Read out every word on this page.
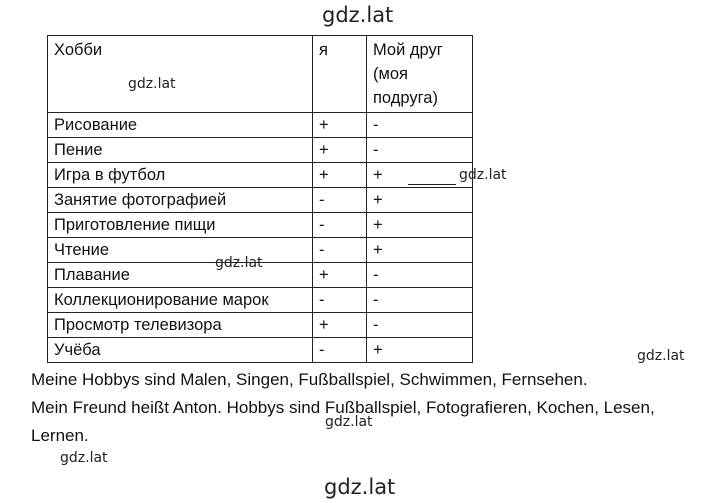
gdz.lat
Хобби	я	Мой друг (моя подруга)
Рисование	+	-
Пение	+	-
Игра в футбол	+	+
Занятие фотографией	-	+
Приготовление пищи	-	+
Чтение	-	+
Плавание	+	-
Коллекционирование марок	-	-
Просмотр телевизора	+	-
Учёба	-	+
gdz.lat
gdz.lat
gdz.lat
gdz.lat

Meine Hobbys sind Malen, Singen, Fußballspiel, Schwimmen, Fernsehen.

Mein Freund heißt Anton. Hobbys sind Fußballspiel, Fotografieren, Kochen, Lesen, Lernen.

gdz.lat
gdz.lat
gdz.lat
